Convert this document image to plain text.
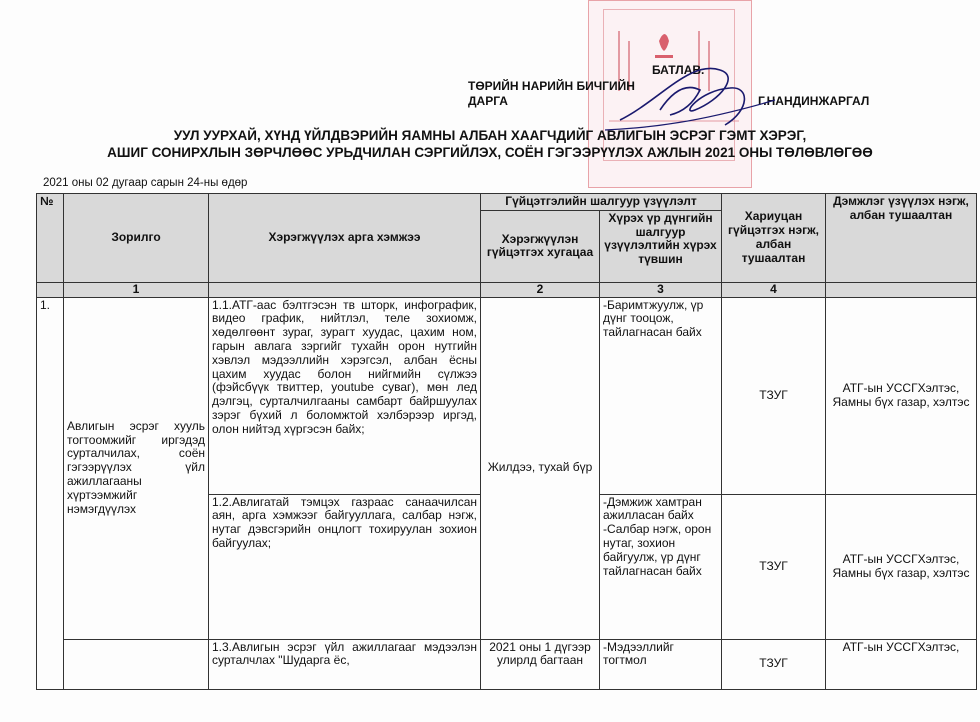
БАТЛАВ.
ТӨРИЙН НАРИЙН БИЧГИЙН
ДАРГА	Г.НАНДИНЖАРГАЛ
УУЛ УУРХАЙ, ХҮНД ҮЙЛДВЭРИЙН ЯАМНЫ АЛБАН ХААГЧДИЙГ АВЛИГЫН ЭСРЭГ ГЭМТ ХЭРЭГ,
АШИГ СОНИРХЛЫН ЗӨРЧЛӨӨС УРЬДЧИЛАН СЭРГИЙЛЭХ, СОЁН ГЭГЭЭРҮҮЛЭХ АЖЛЫН 2021 ОНЫ ТӨЛӨВЛӨГӨӨ
2021 оны 02 дугаар сарын 24-ны өдөр
№	Зорилго	Хэрэгжүүлэх арга хэмжээ	Гүйцэтгэлийн шалгуур үзүүлэлт		Хариуцан гүйцэтгэх нэгж, албан тушаалтан	Дэмжлэг үзүүлэх нэгж, албан тушаалтан
			Хэрэгжүүлэн гүйцэтгэх хугацаа	Хүрэх үр дүнгийн шалгуур үзүүлэлтийн хүрэх түвшин		
	1		2	3	4	
1.	Авлигын эсрэг хууль тогтоомжийг иргэдэд сурталчилах, соён гэгээрүүлэх үйл ажиллагааны хүртээмжийг нэмэгдүүлэх	1.1.АТГ-аас бэлтгэсэн тв шторк, инфографик, видео график, нийтлэл, теле зохиомж, хөдөлгөөнт зураг, зурагт хуудас, цахим ном, гарын авлага зэргийг тухайн орон нутгийн хэвлэл мэдээллийн хэрэгсэл, албан ёсны цахим хуудас болон нийгмийн сүлжээ (фэйсбүүк твиттер, youtube суваг), мөн лед дэлгэц, сурталчилгааны самбарт байршуулах зэрэг бүхий л боломжтой хэлбэрээр иргэд, олон нийтэд хүргэсэн байх;	Жилдээ, тухай бүр	-Баримтжуулж, үр дүнг тооцож, тайлагнасан байх	ТЗУГ	АТГ-ын УССГХэлтэс, Яамны бүх газар, хэлтэс
		1.2.Авлигатай тэмцэх газраас санаачилсан аян, арга хэмжээг байгууллага, салбар нэгж, нутаг дэвсгэрийн онцлогт тохируулан зохион байгуулах;		-Дэмжиж хамтран ажилласан байх -Салбар нэгж, орон нутаг, зохион байгуулж, үр дүнг тайлагнасан байх	ТЗУГ	АТГ-ын УССГХэлтэс, Яамны бүх газар, хэлтэс
		1.3.Авлигын эсрэг үйл ажиллагааг мэдээлэн сурталчлах "Шударга ёс,	2021 оны 1 дүгээр улирлд багтаан	-Мэдээллийг тогтмол	ТЗУГ	АТГ-ын УССГХэлтэс,
